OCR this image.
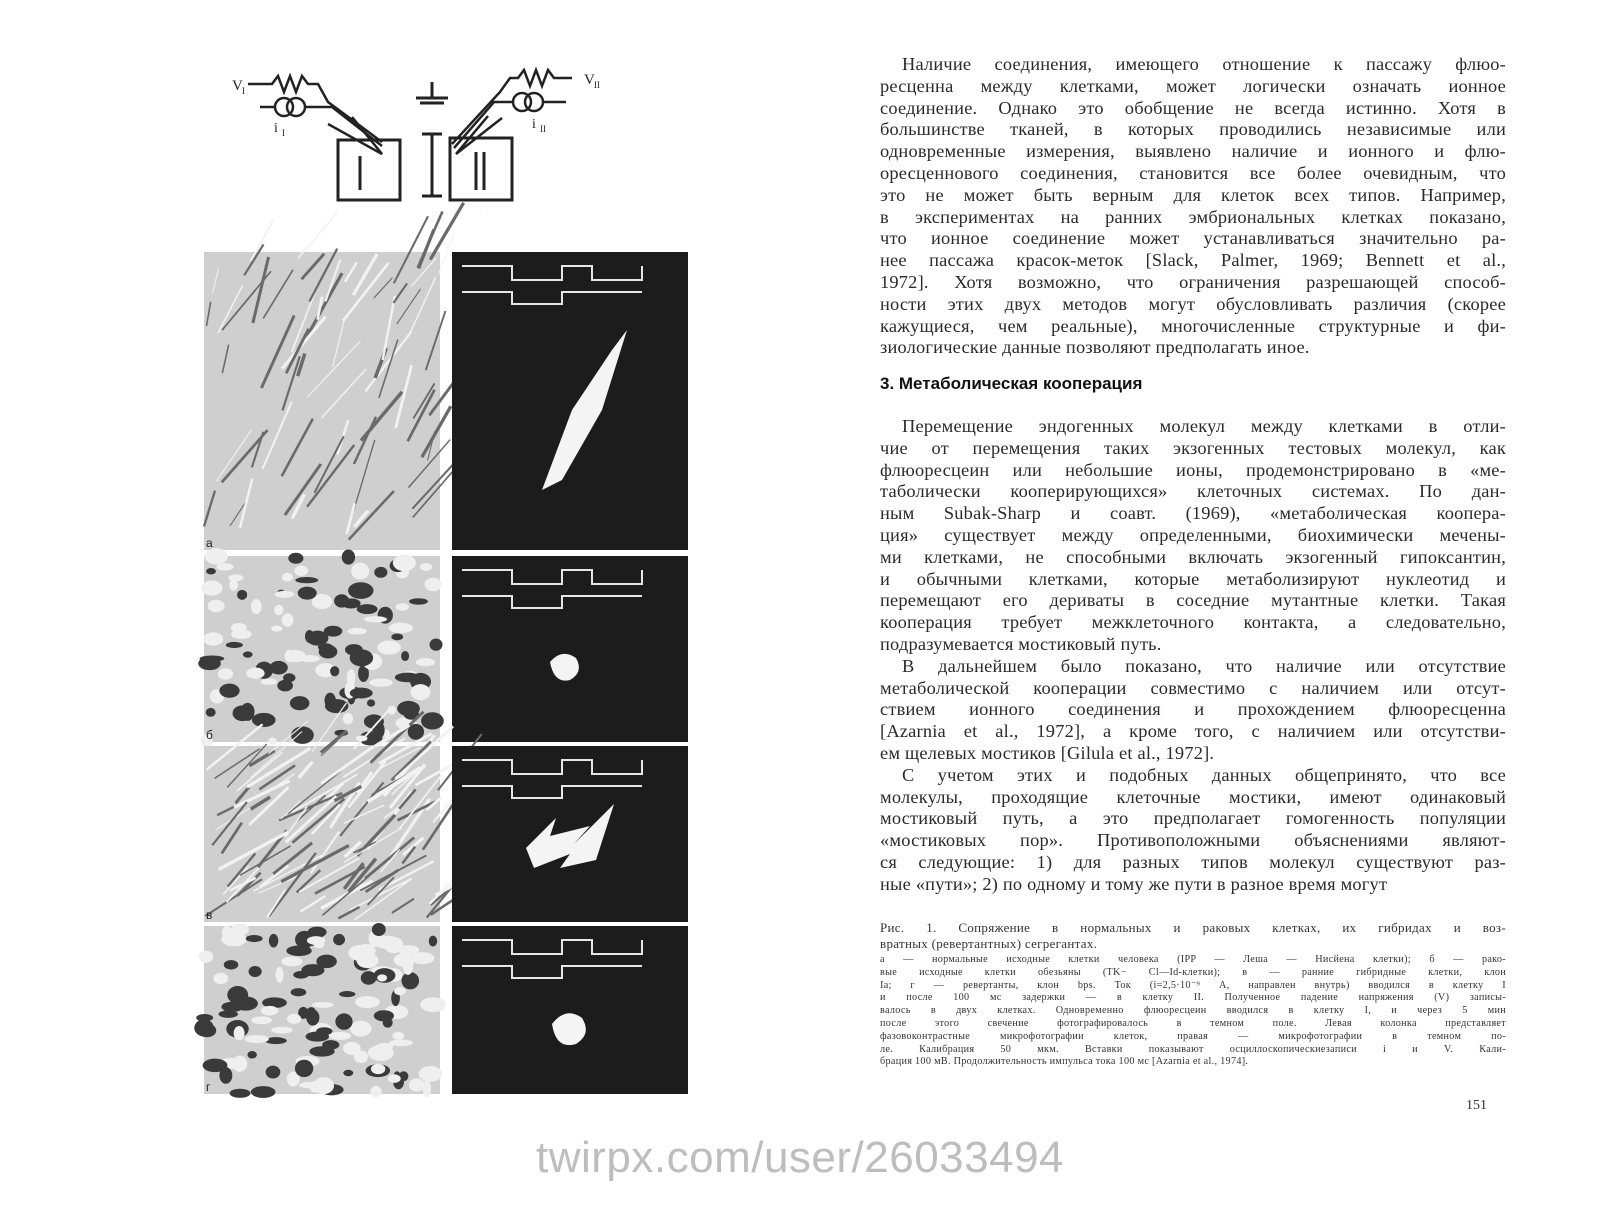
V I
i I
V II
i II
I	II
I
а
б
в
г

Наличие соединения, имеющего отношение к пассажу флюо-
ресценна между клетками, может логически означать ионное
соединение. Однако это обобщение не всегда истинно. Хотя в
большинстве тканей, в которых проводились независимые или
одновременные измерения, выявлено наличие и ионного и флю-
оресценнового соединения, становится все более очевидным, что
это не может быть верным для клеток всех типов. Например,
в экспериментах на ранних эмбриональных клетках показано,
что ионное соединение может устанавливаться значительно ра-
нее пассажа красок-меток [Slack, Palmer, 1969; Bennett et al.,
1972]. Хотя возможно, что ограничения разрешающей способ-
ности этих двух методов могут обусловливать различия (скорее
кажущиеся, чем реальные), многочисленные структурные и фи-
зиологические данные позволяют предполагать иное.

3. Метаболическая кооперация

Перемещение эндогенных молекул между клетками в отли-
чие от перемещения таких экзогенных тестовых молекул, как
флюоресцеин или небольшие ионы, продемонстрировано в «ме-
таболически кооперирующихся» клеточных системах. По дан-
ным Subak-Sharp и соавт. (1969), «метаболическая коопера-
ция» существует между определенными, биохимически мечены-
ми клетками, не способными включать экзогенный гипоксантин,
и обычными клетками, которые метаболизируют нуклеотид и
перемещают его дериваты в соседние мутантные клетки. Такая
кооперация требует межклеточного контакта, а следовательно,
подразумевается мостиковый путь.

В дальнейшем было показано, что наличие или отсутствие
метаболической кооперации совместимо с наличием или отсут-
ствием ионного соединения и прохождением флюоресценна
[Azarnia et al., 1972], а кроме того, с наличием или отсутстви-
ем щелевых мостиков [Gilula et al., 1972].

С учетом этих и подобных данных общепринято, что все
молекулы, проходящие клеточные мостики, имеют одинаковый
мостиковый путь, а это предполагает гомогенность популяции
«мостиковых пор». Противоположными объяснениями являют-
ся следующие: 1) для разных типов молекул существуют раз-
ные «пути»; 2) по одному и тому же пути в разное время могут

Рис. 1. Сопряжение в нормальных и раковых клетках, их гибридах и воз-
вратных (ревертантных) сегрегантах.
а — нормальные исходные клетки человека (IPP — Леша — Нисйена клетки); б — рако-
вые исходные клетки обезьяны (TK− Cl—Id-клетки); в — ранние гибридные клетки, клон
Ia; г — ревертанты, клон bps. Ток (i=2,5·10⁻⁹ А, направлен внутрь) вводился в клетку I
и после 100 мс задержки — в клетку II. Полученное падение напряжения (V) записы-
валось в двух клетках. Одновременно флюоресцеин вводился в клетку I, и через 5 мин
после этого свечение фотографировалось в темном поле. Левая колонка представляет
фазовоконтрастные микрофотографии клеток, правая — микрофотографии в темном по-
ле. Калибрация 50 мкм. Вставки показывают осциллоскопическиезаписи i и V. Кали-
брация 100 мВ. Продолжительность импульса тока 100 мс [Azarnia et al., 1974].
151
twirpx.com/user/26033494
